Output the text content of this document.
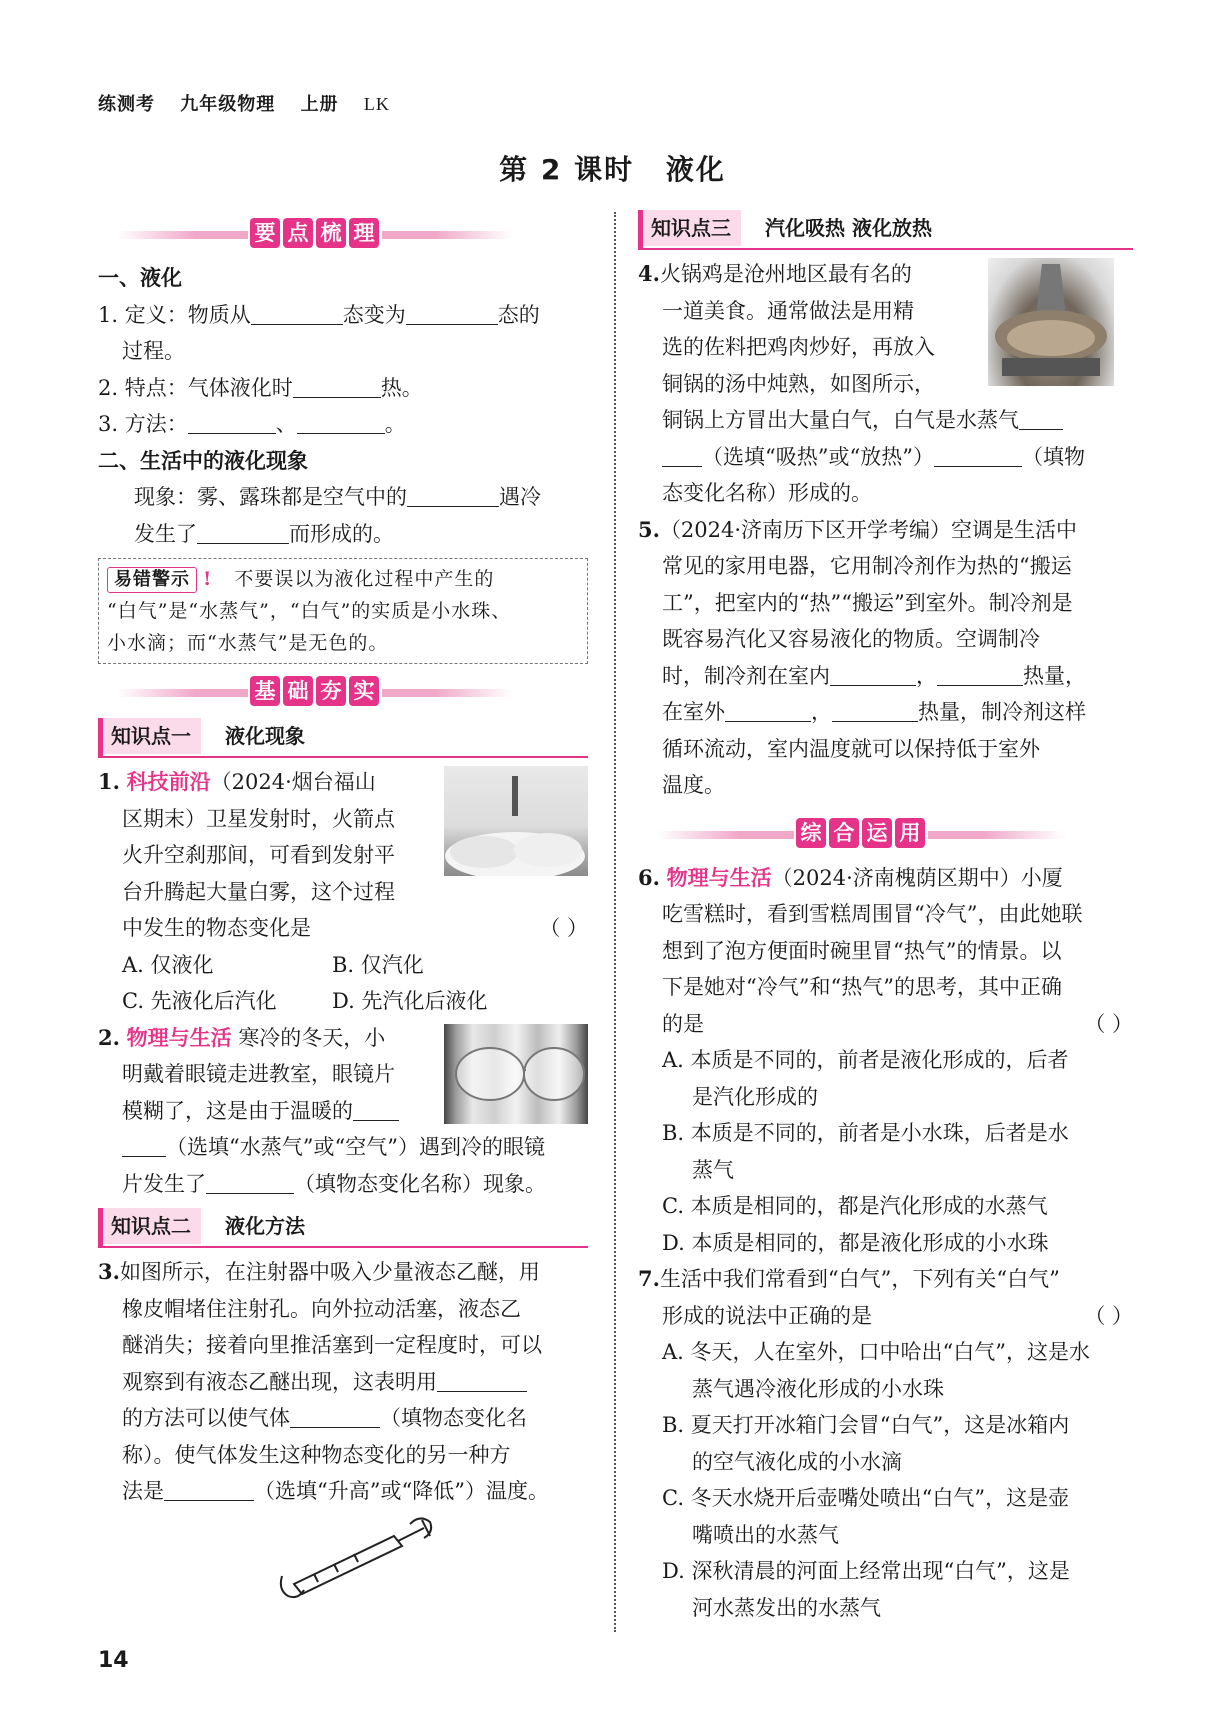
练测考 九年级物理 上册 LK
第 2 课时 液化
要 点 梳 理
一、液化
1. 定义：物质从	态变为	态的
过程。
2. 特点：气体液化时	热。
3. 方法：	、	。
二、生活中的液化现象
现象：雾、露珠都是空气中的	遇冷
发生了	而形成的。
易错警示 ! 不要误以为液化过程中产生的
“白气”是“水蒸气”，“白气”的实质是小水珠、
小水滴；而“水蒸气”是无色的。
基 础 夯 实
知识点一	液化现象
1. 科技前沿（2024·烟台福山
区期末）卫星发射时，火箭点
火升空刹那间，可看到发射平
台升腾起大量白雾，这个过程
中发生的物态变化是	（ ）
A. 仅液化	B. 仅汽化
C. 先液化后汽化	D. 先汽化后液化
2. 物理与生活 寒冷的冬天，小
明戴着眼镜走进教室，眼镜片
模糊了，这是由于温暖的
（选填“水蒸气”或“空气”）遇到冷的眼镜
片发生了	（填物态变化名称）现象。
知识点二	液化方法
3.如图所示，在注射器中吸入少量液态乙醚，用
橡皮帽堵住注射孔。向外拉动活塞，液态乙
醚消失；接着向里推活塞到一定程度时，可以
观察到有液态乙醚出现，这表明用
的方法可以使气体	（填物态变化名
称）。使气体发生这种物态变化的另一种方
法是	（选填“升高”或“降低”）温度。
知识点三	汽化吸热 液化放热
4.火锅鸡是沧州地区最有名的
一道美食。通常做法是用精
选的佐料把鸡肉炒好，再放入
铜锅的汤中炖熟，如图所示，
铜锅上方冒出大量白气，白气是水蒸气
（选填“吸热”或“放热”）	（填物
态变化名称）形成的。
5.（2024·济南历下区开学考编）空调是生活中
常见的家用电器，它用制冷剂作为热的“搬运
工”，把室内的“热”“搬运”到室外。制冷剂是
既容易汽化又容易液化的物质。空调制冷
时，制冷剂在室内	，	热量，
在室外	，	热量，制冷剂这样
循环流动，室内温度就可以保持低于室外
温度。
综 合 运 用
6. 物理与生活（2024·济南槐荫区期中）小厦
吃雪糕时，看到雪糕周围冒“冷气”，由此她联
想到了泡方便面时碗里冒“热气”的情景。以
下是她对“冷气”和“热气”的思考，其中正确
的是	（ ）
A. 本质是不同的，前者是液化形成的，后者
是汽化形成的
B. 本质是不同的，前者是小水珠，后者是水
蒸气
C. 本质是相同的，都是汽化形成的水蒸气
D. 本质是相同的，都是液化形成的小水珠
7.生活中我们常看到“白气”，下列有关“白气”
形成的说法中正确的是	（ ）
A. 冬天，人在室外，口中哈出“白气”，这是水
蒸气遇冷液化形成的小水珠
B. 夏天打开冰箱门会冒“白气”，这是冰箱内
的空气液化成的小水滴
C. 冬天水烧开后壶嘴处喷出“白气”，这是壶
嘴喷出的水蒸气
D. 深秋清晨的河面上经常出现“白气”，这是
河水蒸发出的水蒸气
14
